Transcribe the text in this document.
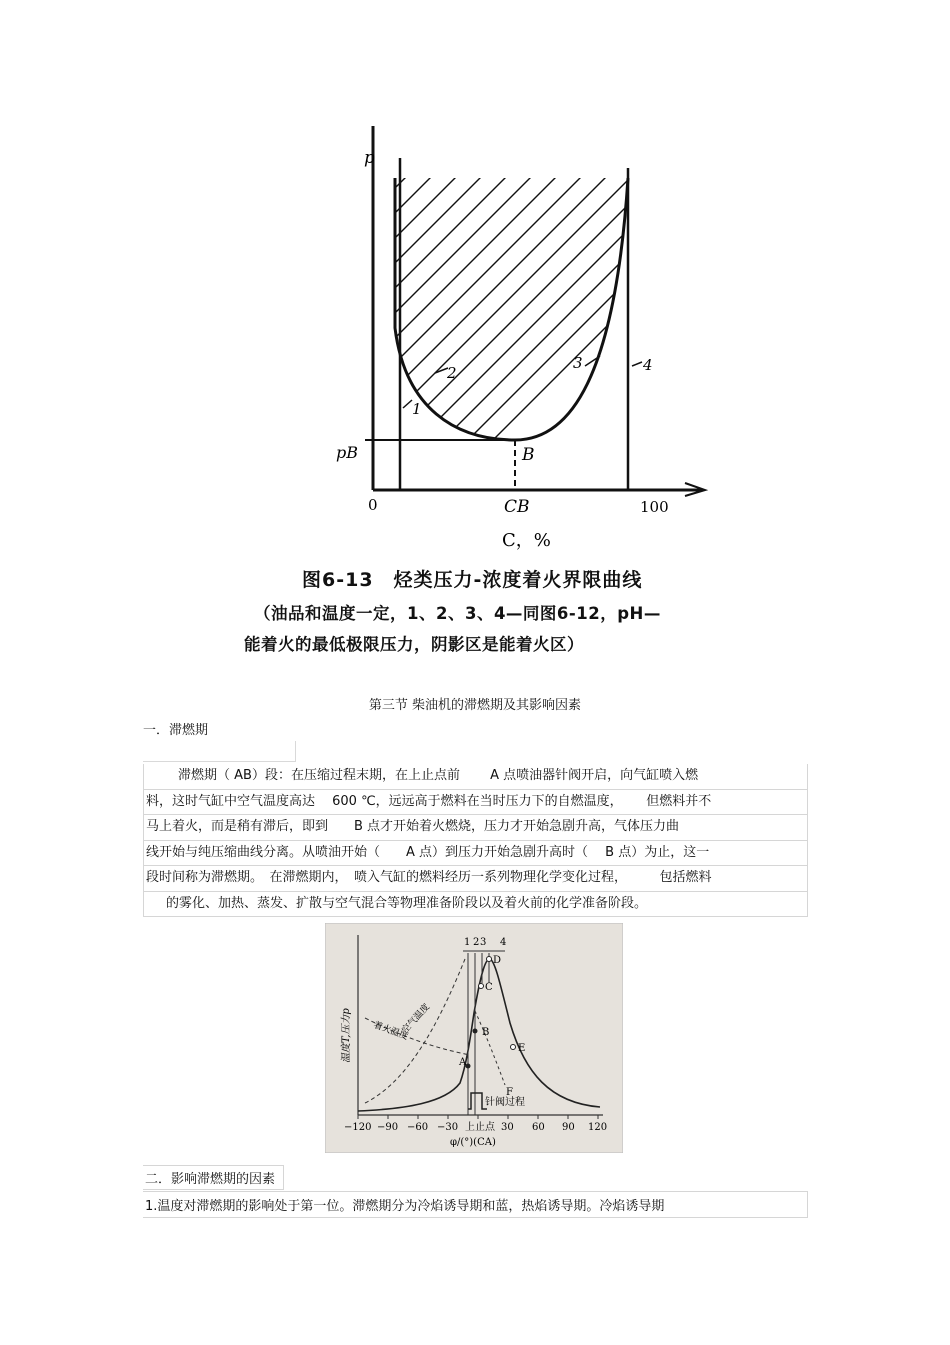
p
pB	B
1
2
3	4
0	CB	100
C，%
图6-13　烃类压力-浓度着火界限曲线
（油品和温度一定，1、2、3、4—同图6-12，pH—
能着火的最低极限压力，阴影区是能着火区）
第三节 柴油机的滞燃期及其影响因素
一．滞燃期
滞燃期（ AB）段：在压缩过程末期，在上止点前　　 A 点喷油器针阀开启，向气缸喷入燃
料，这时气缸中空气温度高达　 600 ℃，远远高于燃料在当时压力下的自燃温度，　　 但燃料并不
马上着火，而是稍有滞后，即到　　B 点才开始着火燃烧，压力才开始急剧升高，气体压力曲
线开始与纯压缩曲线分离。从喷油开始（　　A 点）到压力开始急剧升高时（　 B 点）为止，这一
段时间称为滞燃期。　在滞燃期内，　喷入气缸的燃料经历一系列物理化学变化过程，　　　包括燃料
的雾化、加热、蒸发、扩散与空气混合等物理准备阶段以及着火前的化学准备阶段。
A
B
C
D
E
F
1 2 3 4
空气温度
着火温度
针阀过程
温度T,压力p
−120 −90 −60 −30 上止点 30 60 90 120
φ/(°)(CA)
二．影响滞燃期的因素
1.温度对滞燃期的影响处于第一位。滞燃期分为冷焰诱导期和蓝，热焰诱导期。冷焰诱导期
